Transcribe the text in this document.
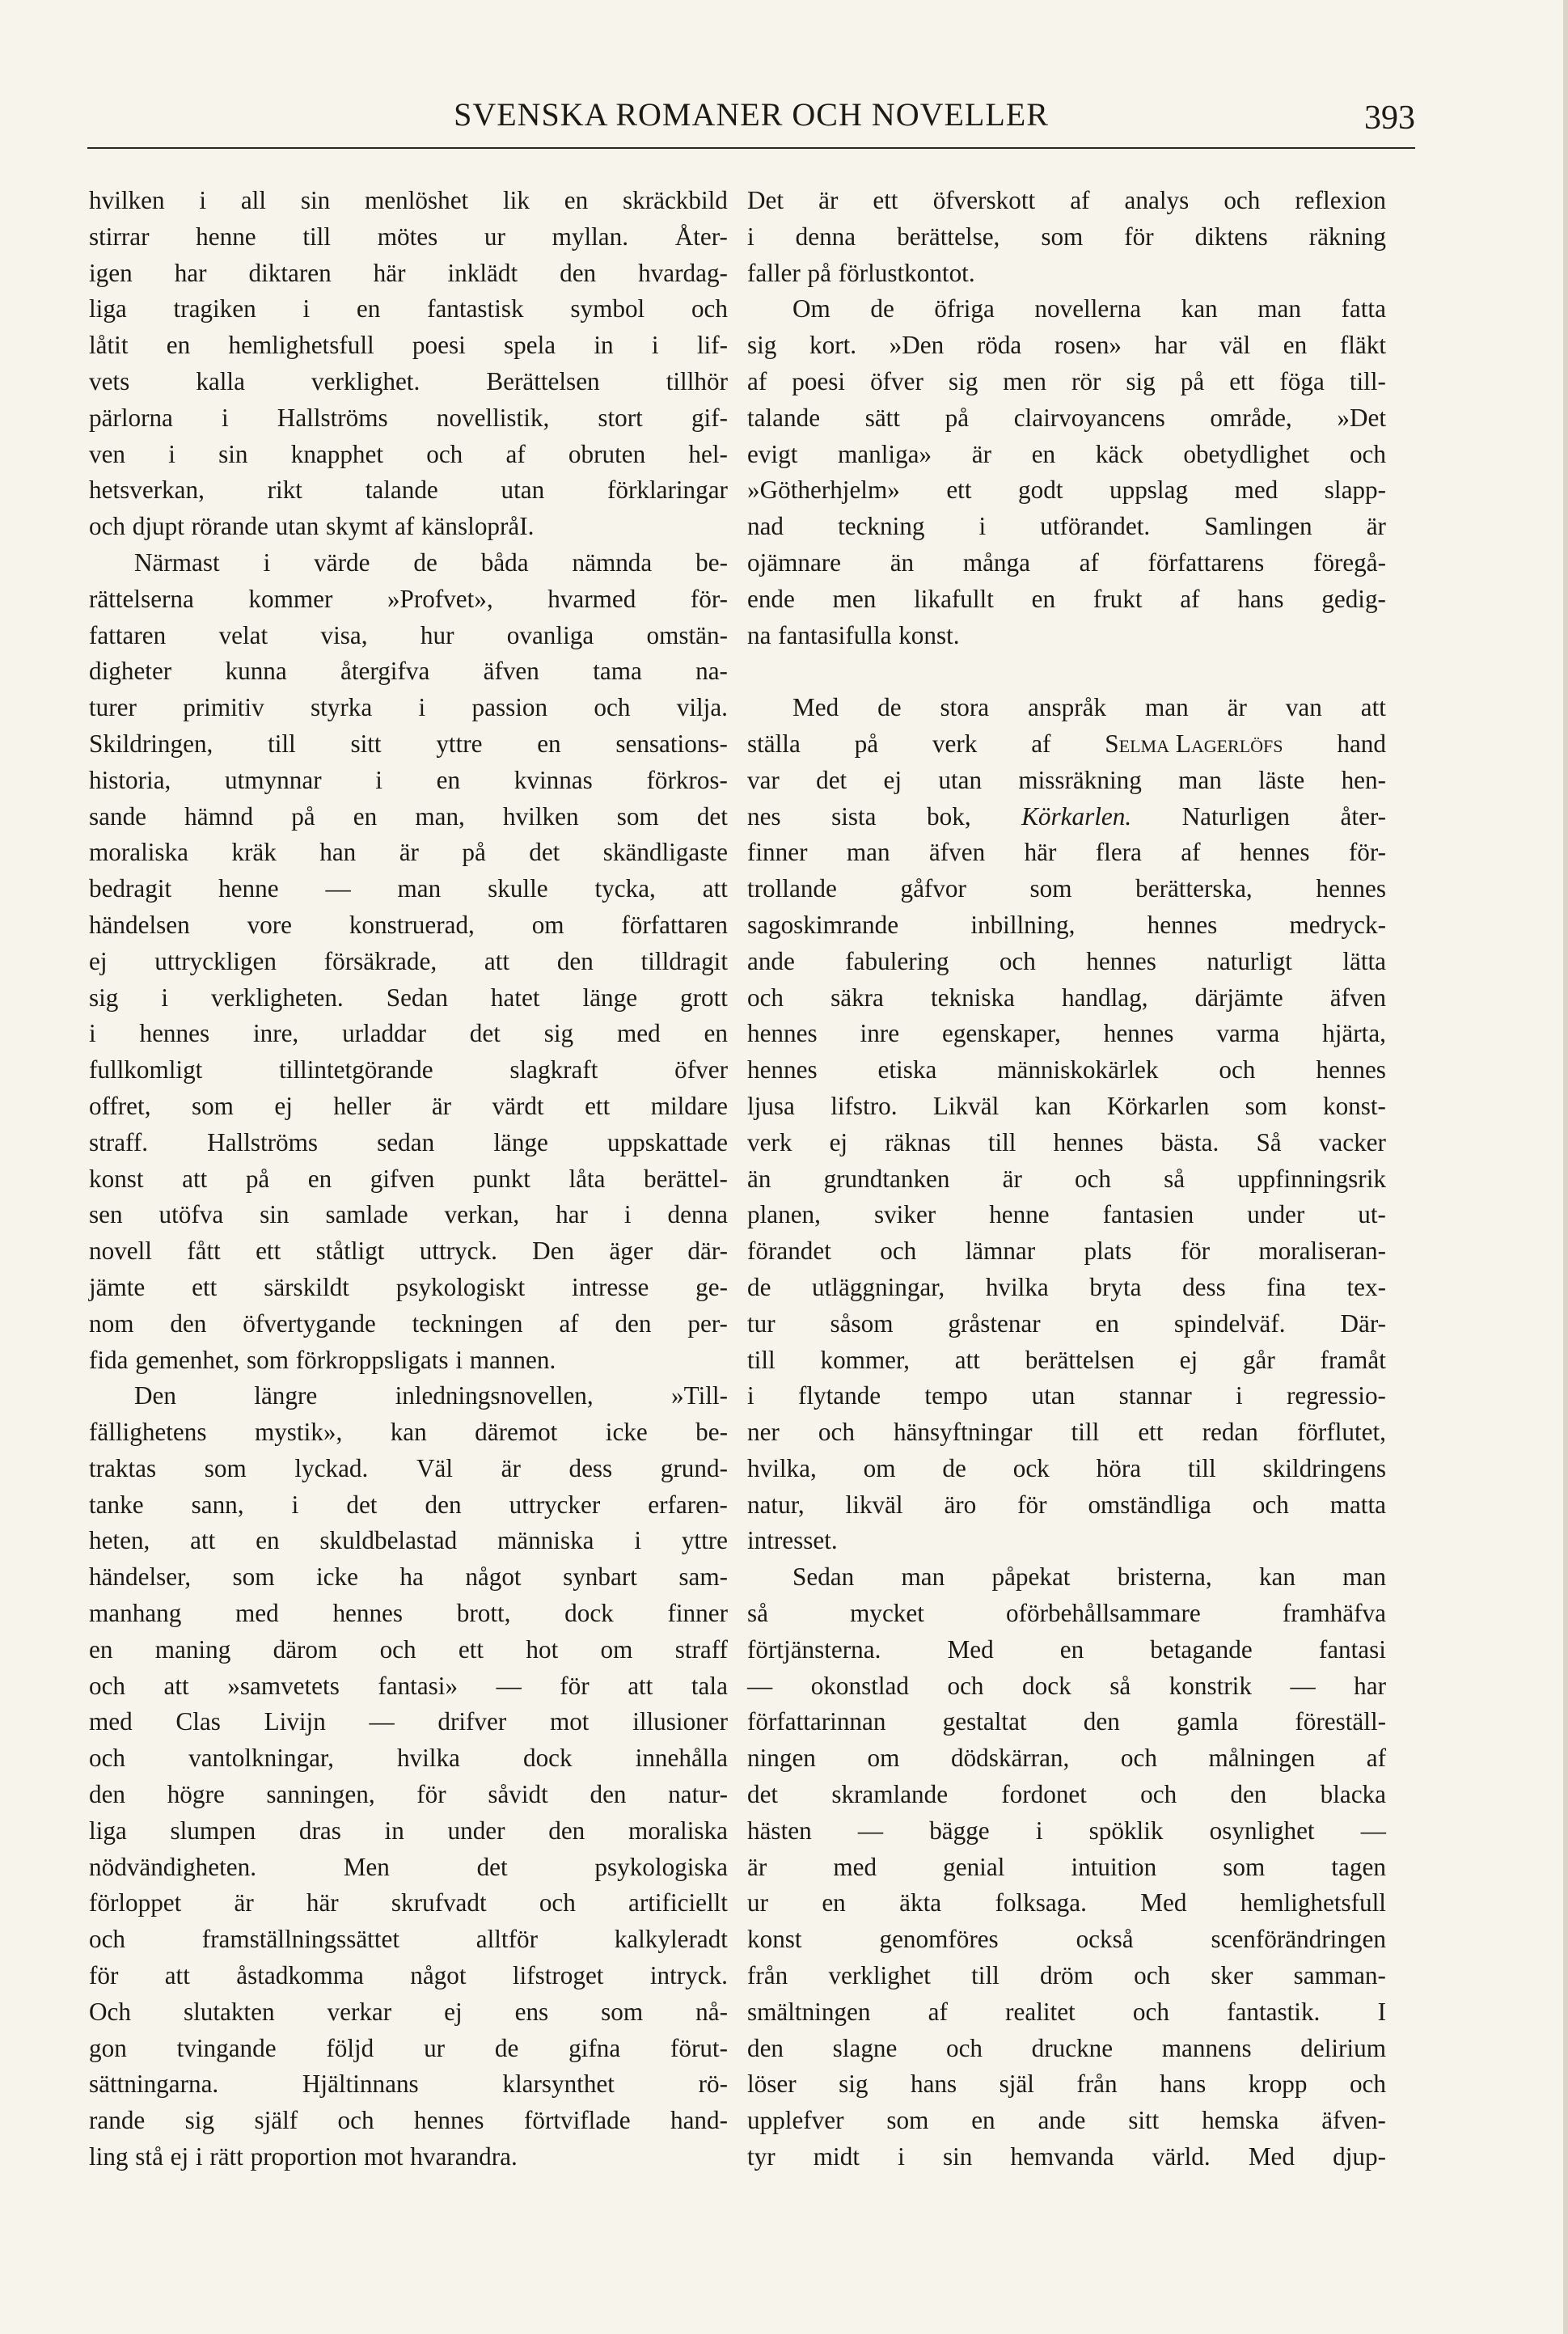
SVENSKA ROMANER OCH NOVELLER	393
hvilken i all sin menlöshet lik en skräckbild
stirrar henne till mötes ur myllan. Åter-
igen har diktaren här inklädt den hvardag-
liga tragiken i en fantastisk symbol och
låtit en hemlighetsfull poesi spela in i lif-
vets	kalla	verklighet.	Berättelsen	tillhör
pärlorna i Hallströms novellistik, stort gif-
ven i sin knapphet och af obruten hel-
hetsverkan, rikt talande utan förklaringar
och djupt rörande utan skymt af känslopråI.
Närmast i värde de båda nämnda be-
rättelserna kommer »Profvet», hvarmed för-
fattaren velat visa, hur ovanliga omstän-
digheter kunna återgifva äfven tama na-
turer primitiv styrka i passion och vilja.
Skildringen, till sitt yttre en sensations-
historia, utmynnar i en kvinnas förkros-
sande hämnd på en man, hvilken som det
moraliska kräk han är på det skändligaste
bedragit henne — man skulle tycka, att
händelsen vore konstruerad, om författaren
ej uttryckligen försäkrade, att den tilldragit
sig i verkligheten. Sedan hatet länge grott
i hennes inre, urladdar det sig med en
fullkomligt	tillintetgörande	slagkraft	öfver
offret, som ej heller är värdt ett mildare
straff. Hallströms sedan länge uppskattade
konst att på en gifven punkt låta berättel-
sen utöfva sin samlade verkan, har i denna
novell fått ett ståtligt uttryck. Den äger där-
jämte ett särskildt psykologiskt intresse ge-
nom den öfvertygande teckningen af den per-
fida gemenhet, som förkroppsligats i mannen.
Den	längre	inledningsnovellen,	»Till-
fällighetens mystik», kan däremot icke be-
traktas som lyckad. Väl är dess grund-
tanke sann, i det den uttrycker erfaren-
heten, att en skuldbelastad människa i yttre
händelser, som icke ha något synbart sam-
manhang med hennes brott, dock finner
en maning därom och ett hot om straff
och att »samvetets fantasi» — för att tala
med Clas Livijn — drifver mot illusioner
och	vantolkningar,	hvilka	dock	innehålla
den högre sanningen, för såvidt den natur-
liga slumpen dras in under den moraliska
nödvändigheten.	Men	det	psykologiska
förloppet är här skrufvadt och artificiellt
och	framställningssättet	alltför	kalkyleradt
för att åstadkomma något lifstroget intryck.
Och slutakten verkar ej ens som nå-
gon tvingande följd ur de gifna förut-
sättningarna.	Hjältinnans	klarsynthet	rö-
rande sig själf och hennes förtviflade hand-
ling stå ej i rätt proportion mot hvarandra.
Det är ett öfverskott af analys och reflexion
i denna berättelse, som för diktens räkning
faller på förlustkontot.
Om de öfriga novellerna kan man fatta
sig kort. »Den röda rosen» har väl en fläkt
af poesi öfver sig men rör sig på ett föga till-
talande sätt på clairvoyancens område, »Det
evigt manliga» är en käck obetydlighet och
»Götherhjelm» ett godt uppslag med slapp-
nad teckning i utförandet. Samlingen är
ojämnare än många af författarens föregå-
ende men likafullt en frukt af hans gedig-
na fantasifulla konst.
Med de stora anspråk man är van att
ställa på verk af Selma Lagerlöfs hand
var det ej utan missräkning man läste hen-
nes sista bok, Körkarlen. Naturligen åter-
finner man äfven här flera af hennes för-
trollande	gåfvor	som	berätterska,	hennes
sagoskimrande	inbillning,	hennes	medryck-
ande fabulering och hennes naturligt lätta
och säkra tekniska handlag, därjämte äfven
hennes inre egenskaper, hennes varma hjärta,
hennes etiska människokärlek och hennes
ljusa lifstro. Likväl kan Körkarlen som konst-
verk ej räknas till hennes bästa. Så vacker
än grundtanken är och så uppfinningsrik
planen, sviker henne fantasien under ut-
förandet och lämnar plats för moraliseran-
de utläggningar, hvilka bryta dess fina tex-
tur såsom gråstenar en spindelväf. Där-
till kommer, att berättelsen ej går framåt
i flytande tempo utan stannar i regressio-
ner och hänsyftningar till ett redan förflutet,
hvilka, om de ock höra till skildringens
natur, likväl äro för omständliga och matta
intresset.
Sedan man påpekat bristerna, kan man
så	mycket	oförbehållsammare	framhäfva
förtjänsterna.	Med	en	betagande	fantasi
— okonstlad och dock så konstrik — har
författarinnan gestaltat den gamla föreställ-
ningen om dödskärran, och målningen af
det skramlande fordonet och den blacka
hästen — bägge i spöklik osynlighet —
är	med	genial	intuition	som	tagen
ur en äkta folksaga. Med hemlighetsfull
konst	genomföres	också	scenförändringen
från verklighet till dröm och sker samman-
smältningen af realitet och fantastik. I
den slagne och druckne mannens delirium
löser sig hans själ från hans kropp och
upplefver som en ande sitt hemska äfven-
tyr midt i sin hemvanda värld. Med djup-
